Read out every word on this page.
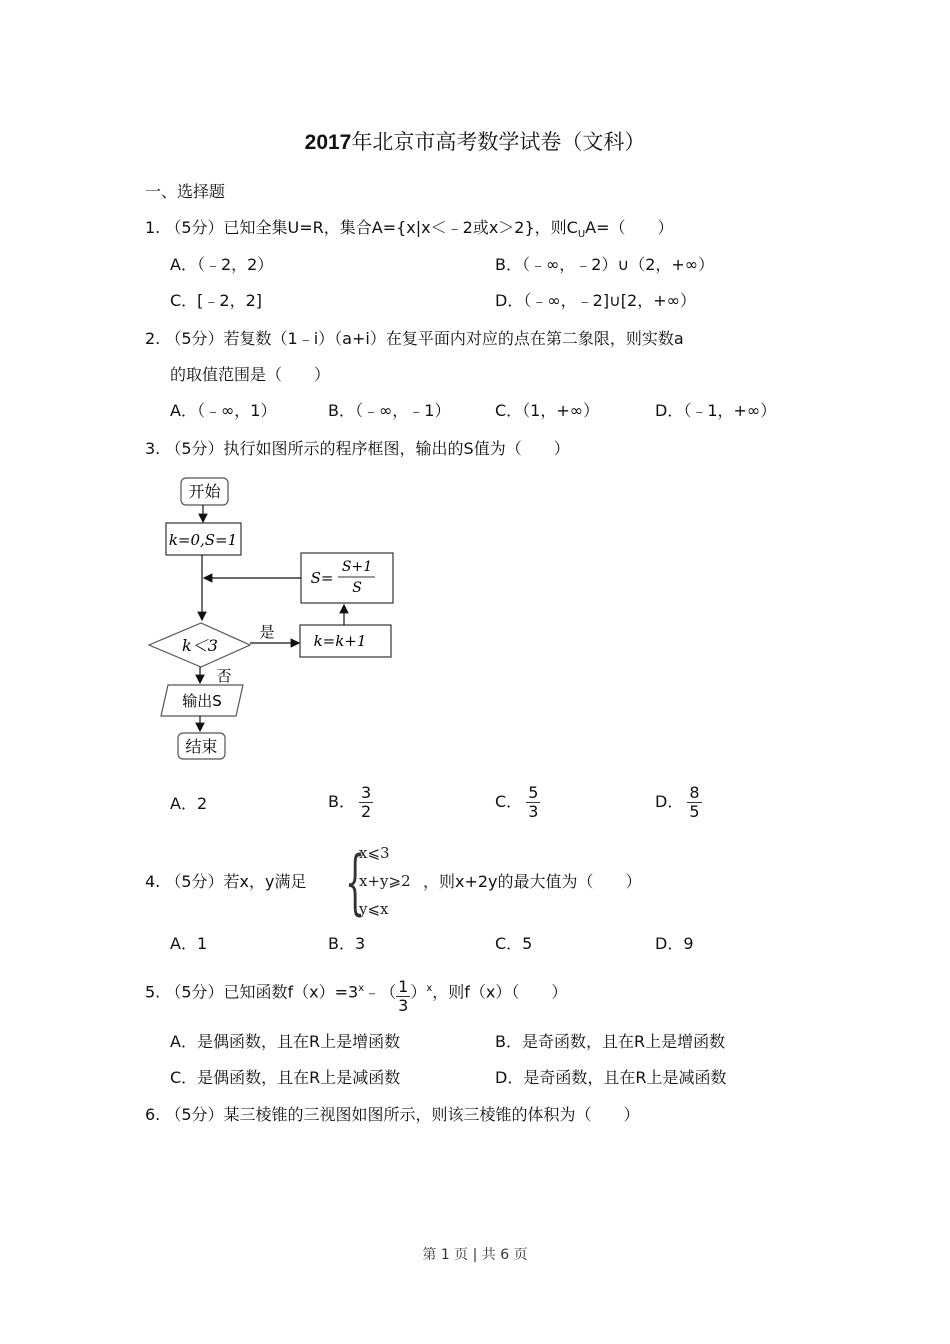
2017年北京市高考数学试卷（文科）
一、选择题
1. （5分）已知全集U=R，集合A={x|x＜﹣2或x＞2}，则$C_UA=$（　　）
A．（﹣2，2）	B．（﹣∞，﹣2）∪（2，+∞）
C．[﹣2，2]	D．（﹣∞，﹣2]∪[2，+∞）
2. （5分）若复数（1﹣i）（a+i）在复平面内对应的点在第二象限，则实数a
的取值范围是（　　）
A．（﹣∞，1）	B．（﹣∞，﹣1）	C．（1，+∞）	D．（﹣1，+∞）
3. （5分）执行如图所示的程序框图，输出的S值为（　　）
开始
k=0,S=1
S=
S+1
S
k＜3
是	k=k+1
否
输出S
结束
A．2	B． $\frac{3}{2}$	C． $\frac{5}{3}$	D． $\frac{8}{5}$
4. （5分）若x，y满足 {
x⩽3
x+y⩾2
y⩽x
，则x+2y的最大值为（　　）
A．1	B．3	C．5	D．9
5. （5分）已知函数$f(x)=3^x﹣( \frac{1}{3} )^x$，则f（x）（　　）
A．是偶函数，且在R上是增函数	B．是奇函数，且在R上是增函数
C．是偶函数，且在R上是减函数	D．是奇函数，且在R上是减函数
6. （5分）某三棱锥的三视图如图所示，则该三棱锥的体积为（　　）
第 1 页 | 共 6 页
